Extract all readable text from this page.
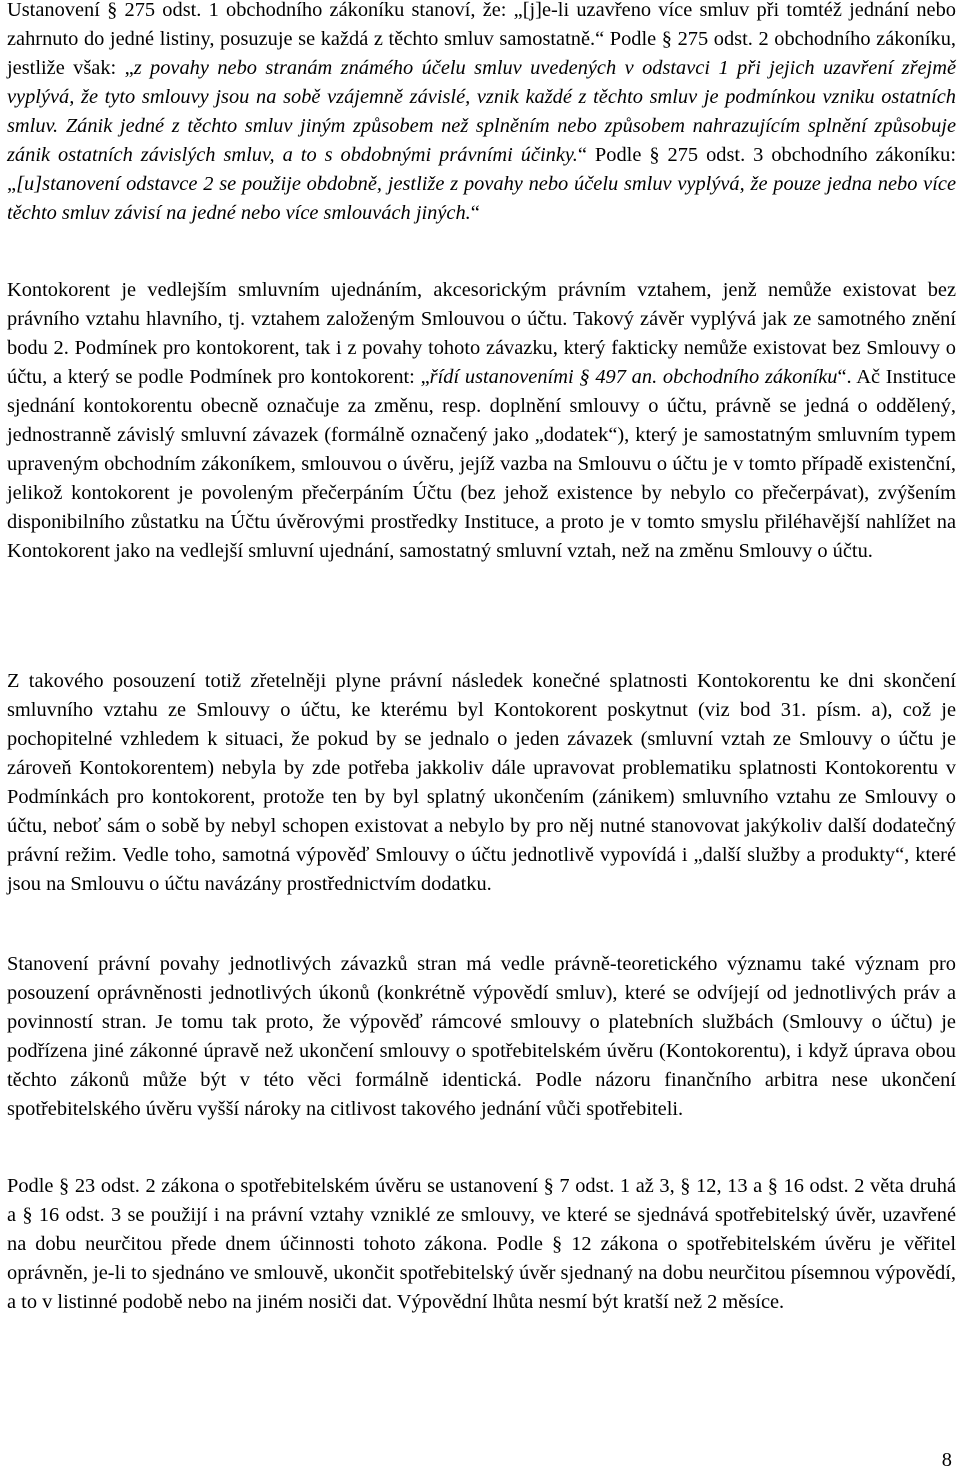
Ustanovení § 275 odst. 1 obchodního zákoníku stanoví, že: „[j]e-li uzavřeno více smluv při tomtéž jednání nebo zahrnuto do jedné listiny, posuzuje se každá z těchto smluv samostatně.“ Podle § 275 odst. 2 obchodního zákoníku, jestliže však: „z povahy nebo stranám známého účelu smluv uvedených v odstavci 1 při jejich uzavření zřejmě vyplývá, že tyto smlouvy jsou na sobě vzájemně závislé, vznik každé z těchto smluv je podmínkou vzniku ostatních smluv. Zánik jedné z těchto smluv jiným způsobem než splněním nebo způsobem nahrazujícím splnění způsobuje zánik ostatních závislých smluv, a to s obdobnými právními účinky.“ Podle § 275 odst. 3 obchodního zákoníku: „[u]stanovení odstavce 2 se použije obdobně, jestliže z povahy nebo účelu smluv vyplývá, že pouze jedna nebo více těchto smluv závisí na jedné nebo více smlouvách jiných.“

Kontokorent je vedlejším smluvním ujednáním, akcesorickým právním vztahem, jenž nemůže existovat bez právního vztahu hlavního, tj. vztahem založeným Smlouvou o účtu. Takový závěr vyplývá jak ze samotného znění bodu 2. Podmínek pro kontokorent, tak i z povahy tohoto závazku, který fakticky nemůže existovat bez Smlouvy o účtu, a který se podle Podmínek pro kontokorent: „řídí ustanoveními § 497 an. obchodního zákoníku“. Ač Instituce sjednání kontokorentu obecně označuje za změnu, resp. doplnění smlouvy o účtu, právně se jedná o oddělený, jednostranně závislý smluvní závazek (formálně označený jako „dodatek“), který je samostatným smluvním typem upraveným obchodním zákoníkem, smlouvou o úvěru, jejíž vazba na Smlouvu o účtu je v tomto případě existenční, jelikož kontokorent je povoleným přečerpáním Účtu (bez jehož existence by nebylo co přečerpávat), zvýšením disponibilního zůstatku na Účtu úvěrovými prostředky Instituce, a proto je v tomto smyslu přiléhavější nahlížet na Kontokorent jako na vedlejší smluvní ujednání, samostatný smluvní vztah, než na změnu Smlouvy o účtu.

Z takového posouzení totiž zřetelněji plyne právní následek konečné splatnosti Kontokorentu ke dni skončení smluvního vztahu ze Smlouvy o účtu, ke kterému byl Kontokorent poskytnut (viz bod 31. písm. a), což je pochopitelné vzhledem k situaci, že pokud by se jednalo o jeden závazek (smluvní vztah ze Smlouvy o účtu je zároveň Kontokorentem) nebyla by zde potřeba jakkoliv dále upravovat problematiku splatnosti Kontokorentu v Podmínkách pro kontokorent, protože ten by byl splatný ukončením (zánikem) smluvního vztahu ze Smlouvy o účtu, neboť sám o sobě by nebyl schopen existovat a nebylo by pro něj nutné stanovovat jakýkoliv další dodatečný právní režim. Vedle toho, samotná výpověď Smlouvy o účtu jednotlivě vypovídá i „další služby a produkty“, které jsou na Smlouvu o účtu navázány prostřednictvím dodatku.

Stanovení právní povahy jednotlivých závazků stran má vedle právně-teoretického významu také význam pro posouzení oprávněnosti jednotlivých úkonů (konkrétně výpovědí smluv), které se odvíjejí od jednotlivých práv a povinností stran. Je tomu tak proto, že výpověď rámcové smlouvy o platebních službách (Smlouvy o účtu) je podřízena jiné zákonné úpravě než ukončení smlouvy o spotřebitelském úvěru (Kontokorentu), i když úprava obou těchto zákonů může být v této věci formálně identická. Podle názoru finančního arbitra nese ukončení spotřebitelského úvěru vyšší nároky na citlivost takového jednání vůči spotřebiteli.

Podle § 23 odst. 2 zákona o spotřebitelském úvěru se ustanovení § 7 odst. 1 až 3, § 12, 13 a § 16 odst. 2 věta druhá a § 16 odst. 3 se použijí i na právní vztahy vzniklé ze smlouvy, ve které se sjednává spotřebitelský úvěr, uzavřené na dobu neurčitou přede dnem účinnosti tohoto zákona. Podle § 12 zákona o spotřebitelském úvěru je věřitel oprávněn, je-li to sjednáno ve smlouvě, ukončit spotřebitelský úvěr sjednaný na dobu neurčitou písemnou výpovědí, a to v listinné podobě nebo na jiném nosiči dat. Výpovědní lhůta nesmí být kratší než 2 měsíce.

8
